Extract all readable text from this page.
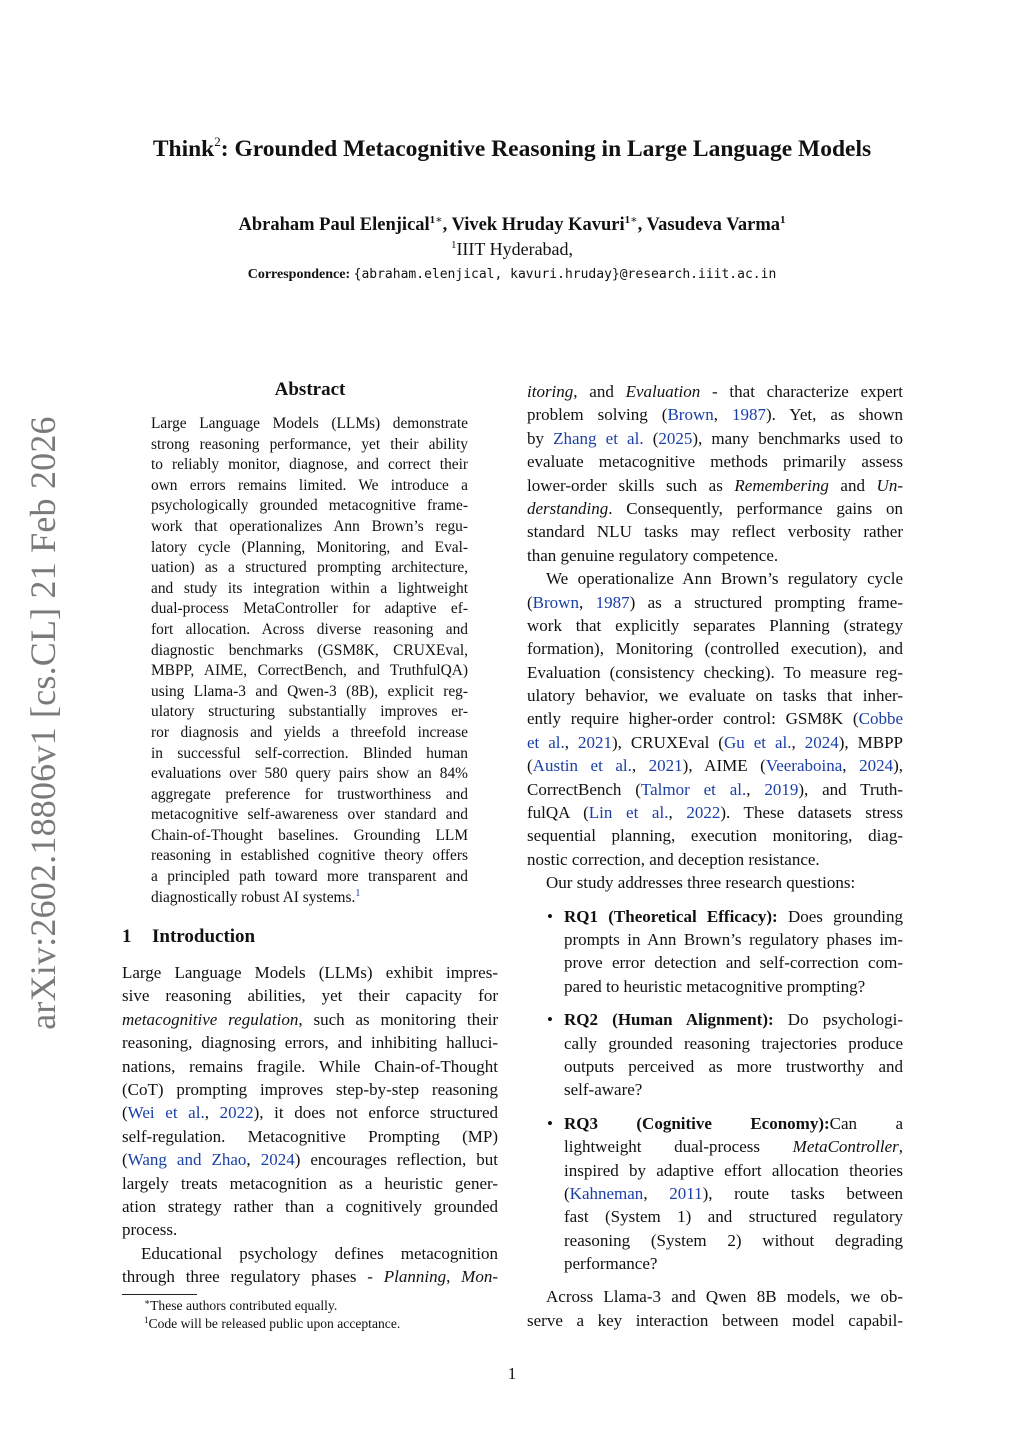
arXiv:2602.18806v1 [cs.CL] 21 Feb 2026
Think$^2$: Grounded Metacognitive Reasoning in Large Language Models
Abraham Paul Elenjical$^{1∗}$, Vivek Hruday Kavuri$^{1∗}$, Vasudeva Varma$^1$
$^1$IIIT Hyderabad,
Correspondence: {abraham.elenjical, kavuri.hruday}@research.iiit.ac.in
Abstract
Large Language Models (LLMs) demonstrate
strong reasoning performance, yet their ability
to reliably monitor, diagnose, and correct their
own errors remains limited. We introduce a
psychologically grounded metacognitive frame-
work that operationalizes Ann Brown’s regu-
latory cycle (Planning, Monitoring, and Eval-
uation) as a structured prompting architecture,
and study its integration within a lightweight
dual-process MetaController for adaptive ef-
fort allocation. Across diverse reasoning and
diagnostic benchmarks (GSM8K, CRUXEval,
MBPP, AIME, CorrectBench, and TruthfulQA)
using Llama-3 and Qwen-3 (8B), explicit reg-
ulatory structuring substantially improves er-
ror diagnosis and yields a threefold increase
in successful self-correction. Blinded human
evaluations over 580 query pairs show an 84%
aggregate preference for trustworthiness and
metacognitive self-awareness over standard and
Chain-of-Thought baselines. Grounding LLM
reasoning in established cognitive theory offers
a principled path toward more transparent and
diagnostically robust AI systems.$^1$
1 Introduction
Large Language Models (LLMs) exhibit impres-
sive reasoning abilities, yet their capacity for
metacognitive regulation, such as monitoring their
reasoning, diagnosing errors, and inhibiting halluci-
nations, remains fragile. While Chain-of-Thought
(CoT) prompting improves step-by-step reasoning
(Wei et al., 2022), it does not enforce structured
self-regulation. Metacognitive Prompting (MP)
(Wang and Zhao, 2024) encourages reflection, but
largely treats metacognition as a heuristic gener-
ation strategy rather than a cognitively grounded
process.
Educational psychology defines metacognition
through three regulatory phases - Planning, Mon-
itoring, and Evaluation - that characterize expert
problem solving (Brown, 1987). Yet, as shown
by Zhang et al. (2025), many benchmarks used to
evaluate metacognitive methods primarily assess
lower-order skills such as Remembering and Un-
derstanding. Consequently, performance gains on
standard NLU tasks may reflect verbosity rather
than genuine regulatory competence.
We operationalize Ann Brown’s regulatory cycle
(Brown, 1987) as a structured prompting frame-
work that explicitly separates Planning (strategy
formation), Monitoring (controlled execution), and
Evaluation (consistency checking). To measure reg-
ulatory behavior, we evaluate on tasks that inher-
ently require higher-order control: GSM8K (Cobbe
et al., 2021), CRUXEval (Gu et al., 2024), MBPP
(Austin et al., 2021), AIME (Veeraboina, 2024),
CorrectBench (Talmor et al., 2019), and Truth-
fulQA (Lin et al., 2022). These datasets stress
sequential planning, execution monitoring, diag-
nostic correction, and deception resistance.
Our study addresses three research questions:
• RQ1 (Theoretical Efficacy): Does grounding
prompts in Ann Brown’s regulatory phases im-
prove error detection and self-correction com-
pared to heuristic metacognitive prompting?
• RQ2 (Human Alignment): Do psychologi-
cally grounded reasoning trajectories produce
outputs perceived as more trustworthy and
self-aware?
• RQ3 (Cognitive Economy):Can a
lightweight dual-process MetaController,
inspired by adaptive effort allocation theories
(Kahneman, 2011), route tasks between
fast (System 1) and structured regulatory
reasoning (System 2) without degrading
performance?
Across Llama-3 and Qwen 8B models, we ob-
serve a key interaction between model capabil-
∗These authors contributed equally.
$^1$Code will be released public upon acceptance.
1
